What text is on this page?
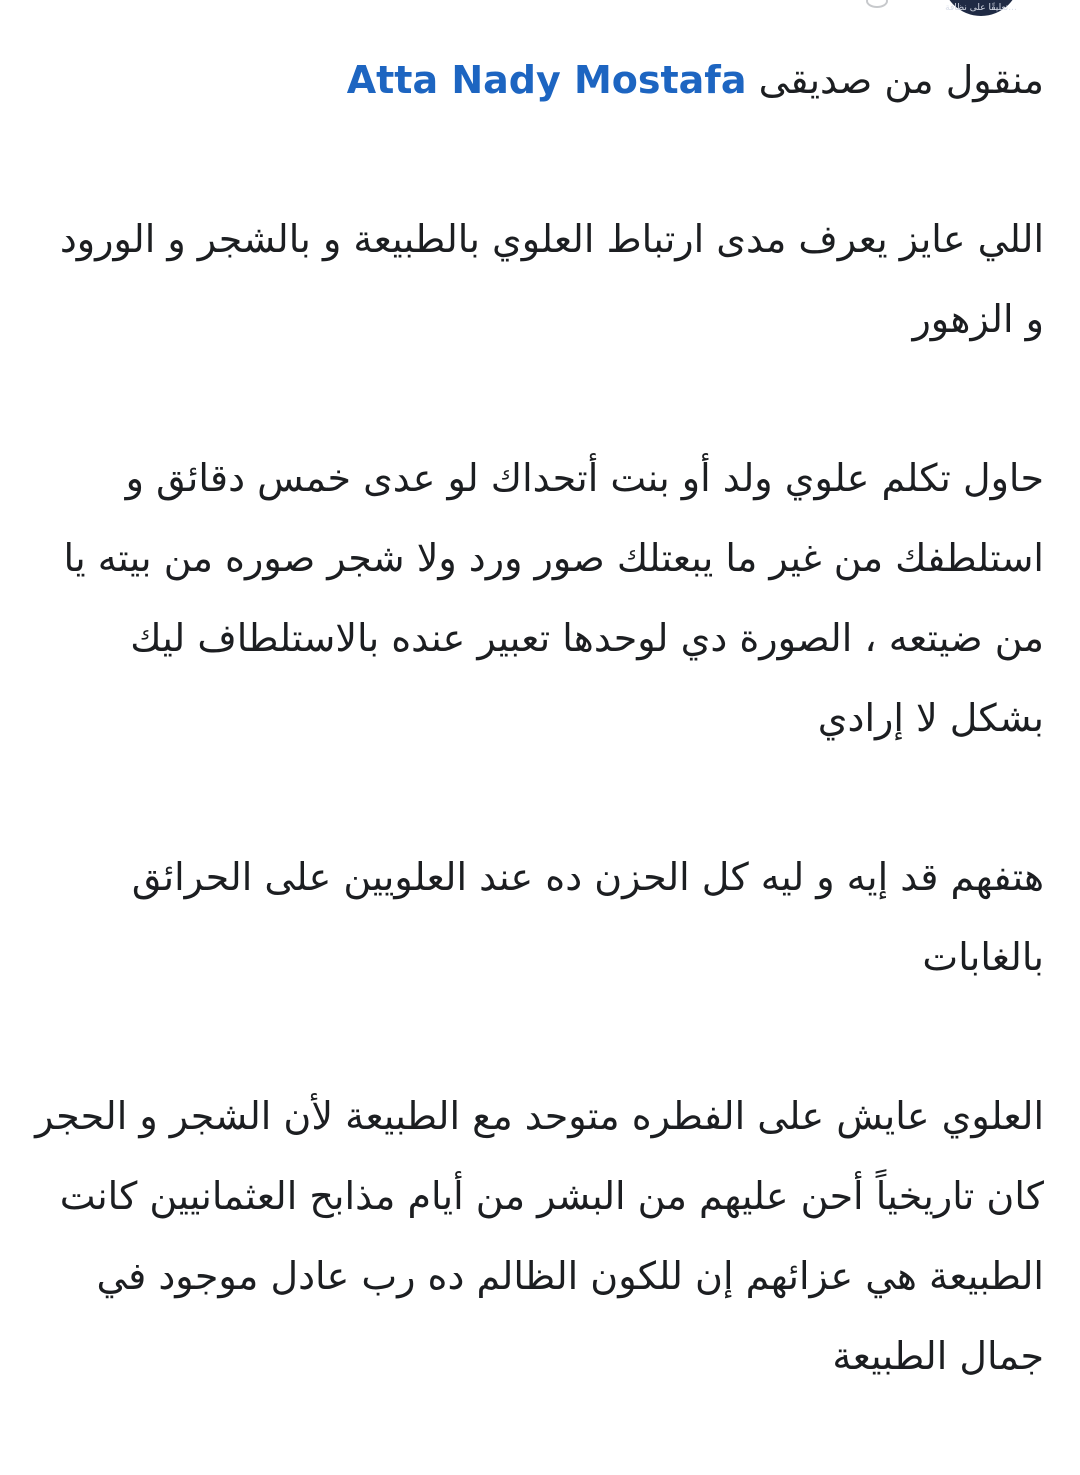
...تعليقًا على نظافة

منقول من صديقى Atta Nady Mostafa

اللي عايز يعرف مدى ارتباط العلوي بالطبيعة و بالشجر و الورود و الزهور

حاول تكلم علوي ولد أو بنت أتحداك لو عدى خمس دقائق و استلطفك من غير ما يبعتلك صور ورد ولا شجر صوره من بيته يا من ضيتعه ، الصورة دي لوحدها تعبير عنده بالاستلطاف ليك بشكل لا إرادي

هتفهم قد إيه و ليه كل الحزن ده عند العلويين على الحرائق بالغابات

العلوي عايش على الفطره متوحد مع الطبيعة لأن الشجر و الحجر كان تاريخياً أحن عليهم من البشر من أيام مذابح العثمانيين كانت الطبيعة هي عزائهم إن للكون الظالم ده رب عادل موجود في جمال الطبيعة
